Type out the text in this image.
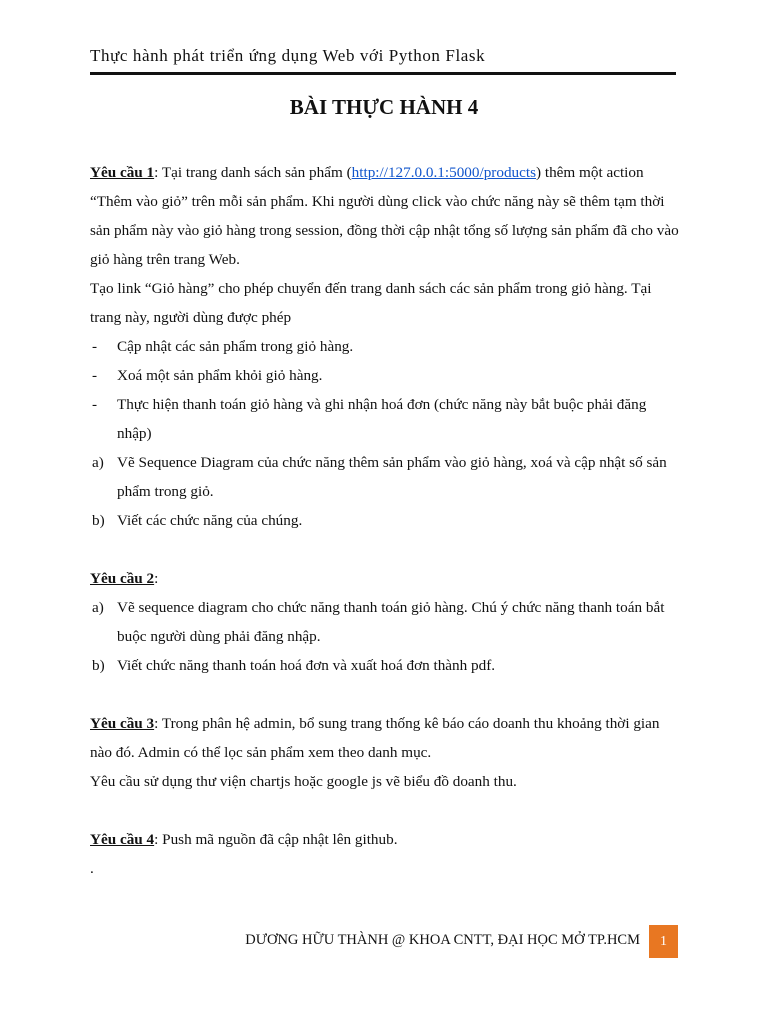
Thực hành phát triển ứng dụng Web với Python Flask
BÀI THỰC HÀNH 4

Yêu cầu 1: Tại trang danh sách sản phẩm (http://127.0.0.1:5000/products) thêm một action “Thêm vào giỏ” trên mỗi sản phẩm. Khi người dùng click vào chức năng này sẽ thêm tạm thời sản phẩm này vào giỏ hàng trong session, đồng thời cập nhật tổng số lượng sản phẩm đã cho vào giỏ hàng trên trang Web.

Tạo link “Giỏ hàng” cho phép chuyển đến trang danh sách các sản phẩm trong giỏ hàng. Tại trang này, người dùng được phép

- Cập nhật các sản phẩm trong giỏ hàng.
- Xoá một sản phẩm khỏi giỏ hàng.
- Thực hiện thanh toán giỏ hàng và ghi nhận hoá đơn (chức năng này bắt buộc phải đăng nhập)
a) Vẽ Sequence Diagram của chức năng thêm sản phẩm vào giỏ hàng, xoá và cập nhật số sản phẩm trong giỏ.
b) Viết các chức năng của chúng.

Yêu cầu 2:

a) Vẽ sequence diagram cho chức năng thanh toán giỏ hàng. Chú ý chức năng thanh toán bắt buộc người dùng phải đăng nhập.
b) Viết chức năng thanh toán hoá đơn và xuất hoá đơn thành pdf.

Yêu cầu 3: Trong phân hệ admin, bổ sung trang thống kê báo cáo doanh thu khoảng thời gian nào đó. Admin có thể lọc sản phẩm xem theo danh mục.

Yêu cầu sử dụng thư viện chartjs hoặc google js vẽ biểu đồ doanh thu.

Yêu cầu 4: Push mã nguồn đã cập nhật lên github.

.

DƯƠNG HỮU THÀNH @ KHOA CNTT, ĐẠI HỌC MỞ TP.HCM	1
